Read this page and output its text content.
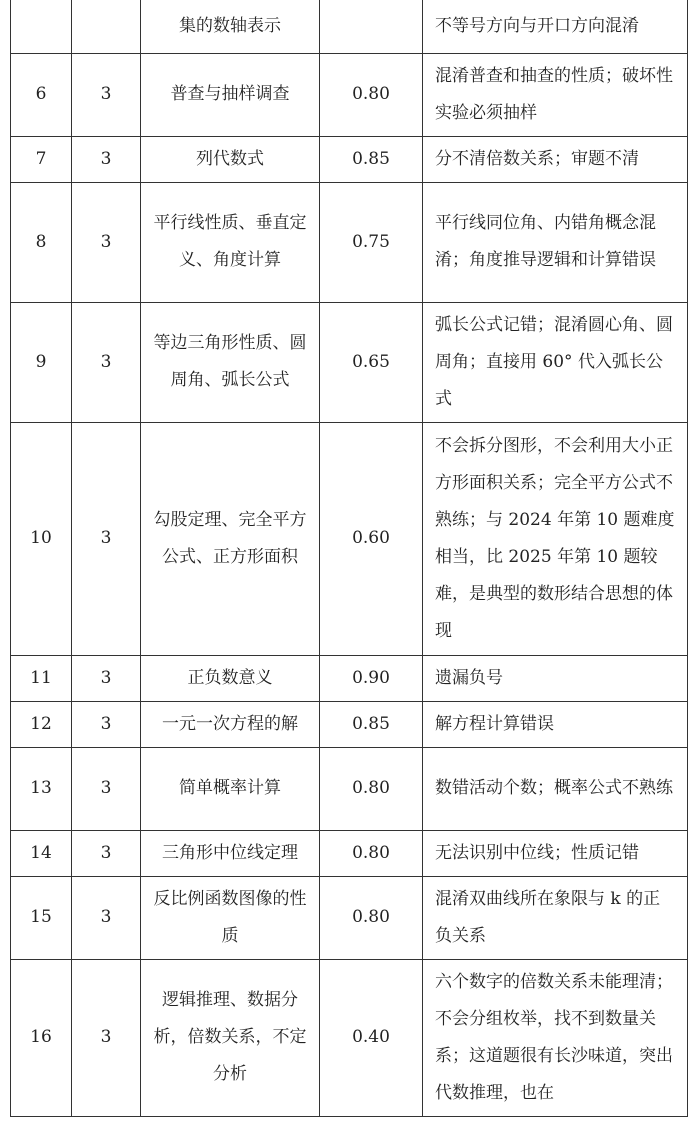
		集的数轴表示		不等号方向与开口方向混淆
6	3	普查与抽样调查	0.80	混淆普查和抽查的性质；破坏性实验必须抽样
7	3	列代数式	0.85	分不清倍数关系；审题不清
8	3	平行线性质、垂直定义、角度计算	0.75	平行线同位角、内错角概念混淆；角度推导逻辑和计算错误
9	3	等边三角形性质、圆周角、弧长公式	0.65	弧长公式记错；混淆圆心角、圆周角；直接用 60° 代入弧长公式
10	3	勾股定理、完全平方公式、正方形面积	0.60	不会拆分图形，不会利用大小正方形面积关系；完全平方公式不熟练；与 2024 年第 10 题难度相当，比 2025 年第 10 题较难，是典型的数形结合思想的体现
11	3	正负数意义	0.90	遗漏负号
12	3	一元一次方程的解	0.85	解方程计算错误
13	3	简单概率计算	0.80	数错活动个数；概率公式不熟练
14	3	三角形中位线定理	0.80	无法识别中位线；性质记错
15	3	反比例函数图像的性质	0.80	混淆双曲线所在象限与 k 的正负关系
16	3	逻辑推理、数据分析，倍数关系，不定分析	0.40	六个数字的倍数关系未能理清；不会分组枚举，找不到数量关系；这道题很有长沙味道，突出代数推理，也在
